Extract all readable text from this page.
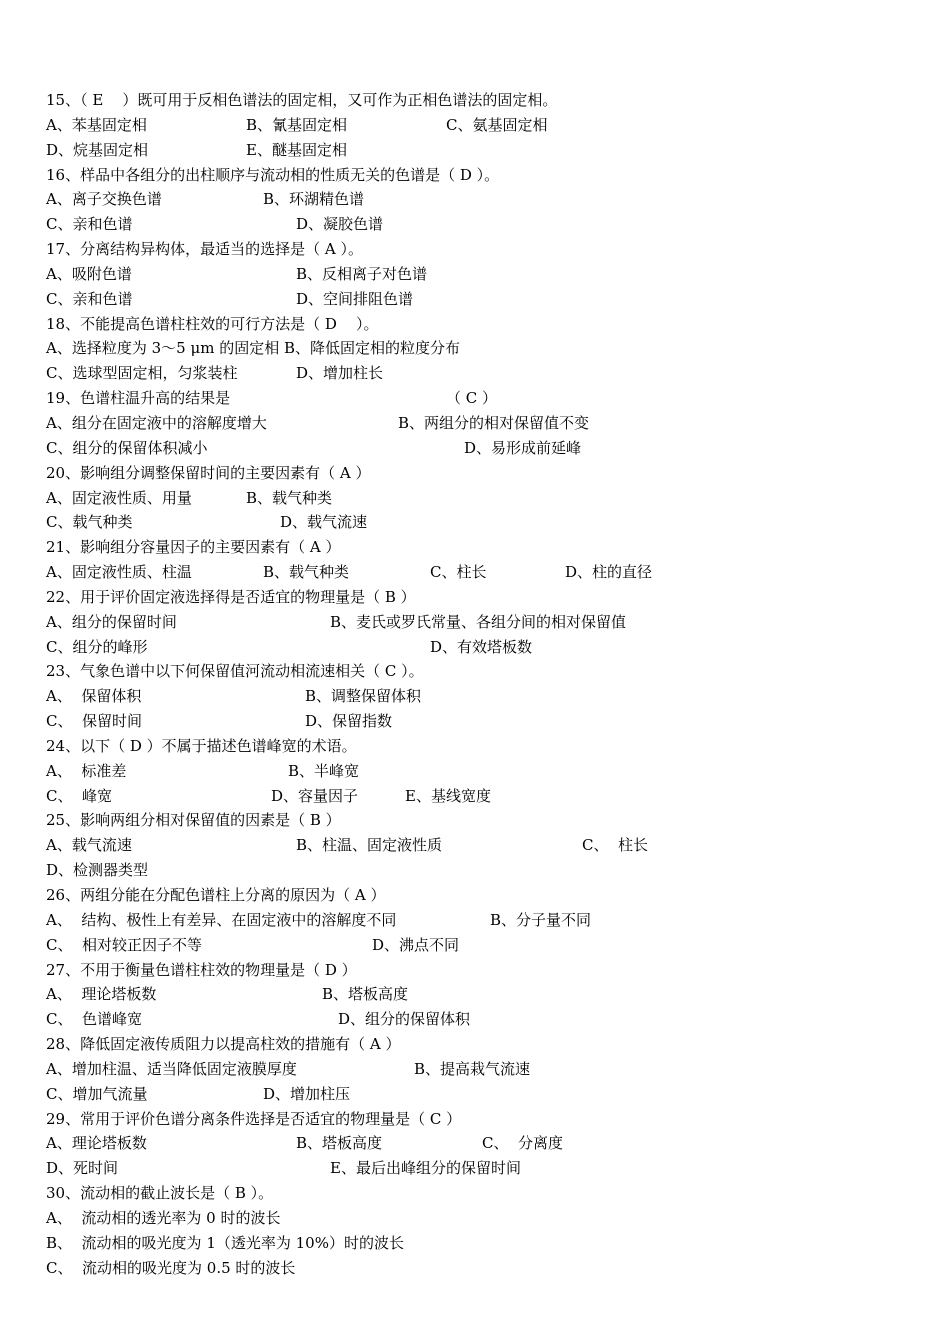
15、（ E    ）既可用于反相色谱法的固定相，又可作为正相色谱法的固定相。
A、苯基固定相	B、氰基固定相	C、氨基固定相
D、烷基固定相	E、醚基固定相
16、样品中各组分的出柱顺序与流动相的性质无关的色谱是（ D ）。
A、离子交换色谱	B、环湖精色谱
C、亲和色谱	D、凝胶色谱
17、分离结构异构体，最适当的选择是（ A ）。
A、吸附色谱	B、反相离子对色谱
C、亲和色谱	D、空间排阻色谱
18、不能提高色谱柱柱效的可行方法是（ D    ）。
A、选择粒度为 3～5 μm 的固定相 B、降低固定相的粒度分布
C、选球型固定相，匀浆装柱	D、增加柱长
19、色谱柱温升高的结果是	（ C ）
A、组分在固定液中的溶解度增大	B、两组分的相对保留值不变
C、组分的保留体积减小	D、易形成前延峰
20、影响组分调整保留时间的主要因素有（ A ）
A、固定液性质、用量	B、载气种类
C、载气种类	D、载气流速
21、影响组分容量因子的主要因素有（ A ）
A、固定液性质、柱温	B、载气种类	C、柱长	D、柱的直径
22、用于评价固定液选择得是否适宜的物理量是（ B ）
A、组分的保留时间	B、麦氏或罗氏常量、各组分间的相对保留值
C、组分的峰形	D、有效塔板数
23、气象色谱中以下何保留值河流动相流速相关（ C ）。
A、  保留体积	B、调整保留体积
C、  保留时间	D、保留指数
24、以下（ D ）不属于描述色谱峰宽的术语。
A、  标准差	B、半峰宽
C、  峰宽	D、容量因子	E、基线宽度
25、影响两组分相对保留值的因素是（ B ）
A、载气流速	B、柱温、固定液性质	C、  柱长
D、检测器类型
26、两组分能在分配色谱柱上分离的原因为（ A ）
A、  结构、极性上有差异、在固定液中的溶解度不同	B、分子量不同
C、  相对较正因子不等	D、沸点不同
27、不用于衡量色谱柱柱效的物理量是（ D ）
A、  理论塔板数	B、塔板高度
C、  色谱峰宽	D、组分的保留体积
28、降低固定液传质阻力以提高柱效的措施有（ A ）
A、增加柱温、适当降低固定液膜厚度	B、提高栽气流速
C、增加气流量	D、增加柱压
29、常用于评价色谱分离条件选择是否适宜的物理量是（ C ）
A、理论塔板数	B、塔板高度	C、  分离度
D、死时间	E、最后出峰组分的保留时间
30、流动相的截止波长是（ B ）。
A、  流动相的透光率为 0 时的波长
B、  流动相的吸光度为 1（透光率为 10%）时的波长
C、  流动相的吸光度为 0.5 时的波长
